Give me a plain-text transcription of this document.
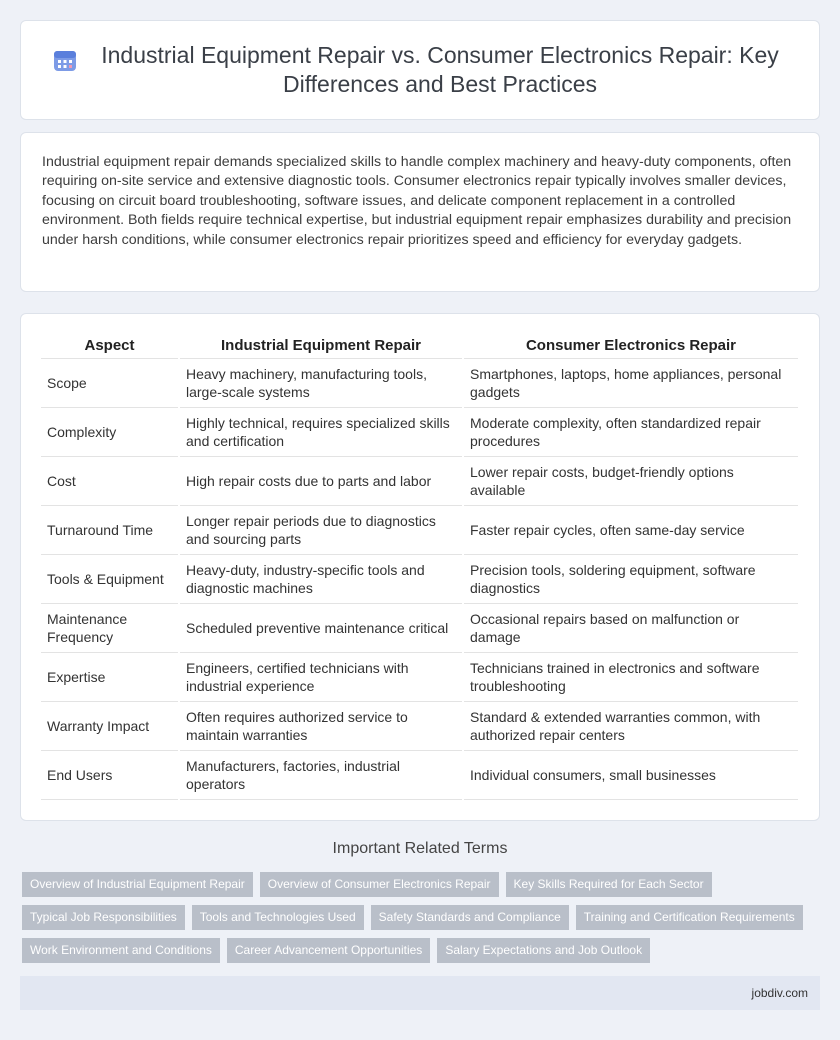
Industrial Equipment Repair vs. Consumer Electronics Repair: Key Differences and Best Practices

Industrial equipment repair demands specialized skills to handle complex machinery and heavy-duty components, often requiring on-site service and extensive diagnostic tools. Consumer electronics repair typically involves smaller devices, focusing on circuit board troubleshooting, software issues, and delicate component replacement in a controlled environment. Both fields require technical expertise, but industrial equipment repair emphasizes durability and precision under harsh conditions, while consumer electronics repair prioritizes speed and efficiency for everyday gadgets.

Aspect	Industrial Equipment Repair	Consumer Electronics Repair
Scope	Heavy machinery, manufacturing tools, large-scale systems	Smartphones, laptops, home appliances, personal gadgets
Complexity	Highly technical, requires specialized skills and certification	Moderate complexity, often standardized repair procedures
Cost	High repair costs due to parts and labor	Lower repair costs, budget-friendly options available
Turnaround Time	Longer repair periods due to diagnostics and sourcing parts	Faster repair cycles, often same-day service
Tools & Equipment	Heavy-duty, industry-specific tools and diagnostic machines	Precision tools, soldering equipment, software diagnostics
Maintenance Frequency	Scheduled preventive maintenance critical	Occasional repairs based on malfunction or damage
Expertise	Engineers, certified technicians with industrial experience	Technicians trained in electronics and software troubleshooting
Warranty Impact	Often requires authorized service to maintain warranties	Standard & extended warranties common, with authorized repair centers
End Users	Manufacturers, factories, industrial operators	Individual consumers, small businesses
Important Related Terms
Overview of Industrial Equipment Repair	Overview of Consumer Electronics Repair	Key Skills Required for Each Sector
Typical Job Responsibilities	Tools and Technologies Used	Safety Standards and Compliance	Training and Certification Requirements
Work Environment and Conditions	Career Advancement Opportunities	Salary Expectations and Job Outlook
jobdiv.com
